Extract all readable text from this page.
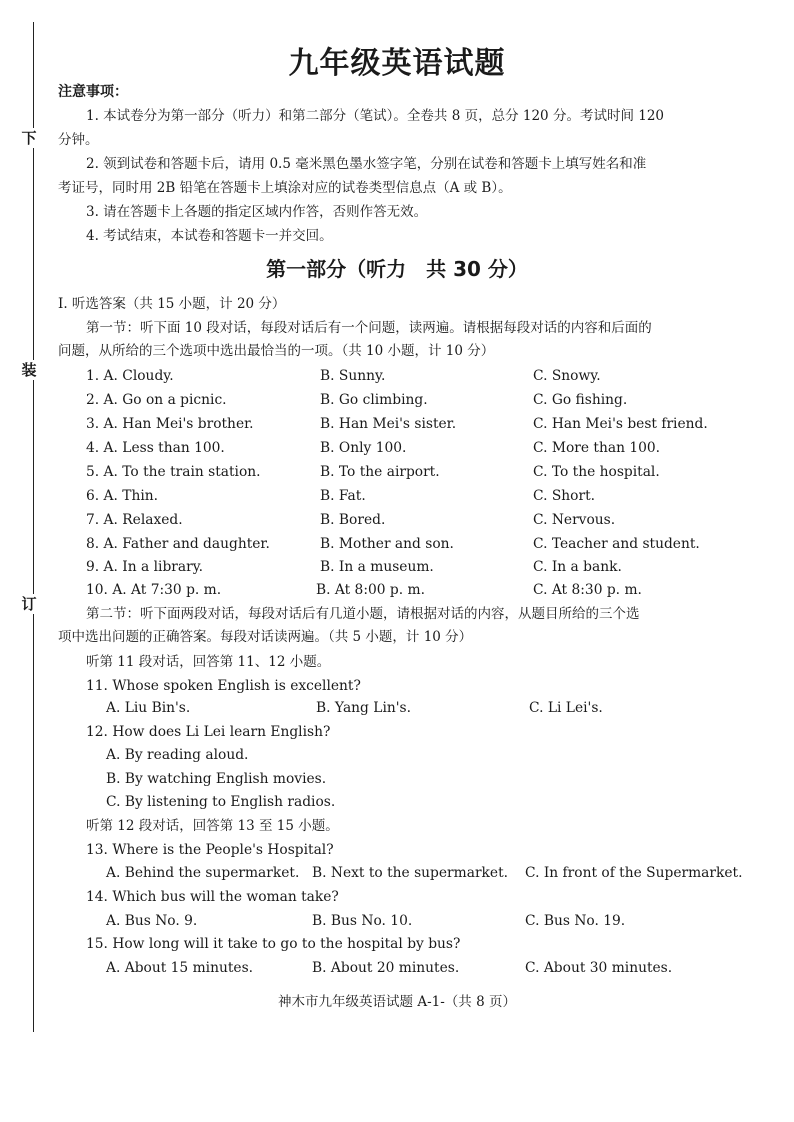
下
装
订
九年级英语试题
注意事项：
1. 本试卷分为第一部分（听力）和第二部分（笔试）。全卷共 8 页，总分 120 分。考试时间 120
分钟。
2. 领到试卷和答题卡后，请用 0.5 毫米黑色墨水签字笔，分别在试卷和答题卡上填写姓名和准
考证号，同时用 2B 铅笔在答题卡上填涂对应的试卷类型信息点（A 或 B）。
3. 请在答题卡上各题的指定区域内作答，否则作答无效。
4. 考试结束，本试卷和答题卡一并交回。
第一部分（听力　共 30 分）
Ⅰ. 听选答案（共 15 小题，计 20 分）
第一节：听下面 10 段对话，每段对话后有一个问题，读两遍。请根据每段对话的内容和后面的
问题，从所给的三个选项中选出最恰当的一项。（共 10 小题，计 10 分）
1. A. Cloudy.	B. Sunny.	C. Snowy.
2. A. Go on a picnic.	B. Go climbing.	C. Go fishing.
3. A. Han Mei's brother.	B. Han Mei's sister.	C. Han Mei's best friend.
4. A. Less than 100.	B. Only 100.	C. More than 100.
5. A. To the train station.	B. To the airport.	C. To the hospital.
6. A. Thin.	B. Fat.	C. Short.
7. A. Relaxed.	B. Bored.	C. Nervous.
8. A. Father and daughter.	B. Mother and son.	C. Teacher and student.
9. A. In a library.	B. In a museum.	C. In a bank.
10. A. At 7:30 p. m.	B. At 8:00 p. m.	C. At 8:30 p. m.
第二节：听下面两段对话，每段对话后有几道小题，请根据对话的内容，从题目所给的三个选
项中选出问题的正确答案。每段对话读两遍。（共 5 小题，计 10 分）
听第 11 段对话，回答第 11、12 小题。
11. Whose spoken English is excellent?
A. Liu Bin's.	B. Yang Lin's.	C. Li Lei's.
12. How does Li Lei learn English?
A. By reading aloud.
B. By watching English movies.
C. By listening to English radios.
听第 12 段对话，回答第 13 至 15 小题。
13. Where is the People's Hospital?
A. Behind the supermarket. B. Next to the supermarket. C. In front of the Supermarket.
14. Which bus will the woman take?
A. Bus No. 9.	B. Bus No. 10.	C. Bus No. 19.
15. How long will it take to go to the hospital by bus?
A. About 15 minutes.	B. About 20 minutes.	C. About 30 minutes.
神木市九年级英语试题 A-1-（共 8 页）
